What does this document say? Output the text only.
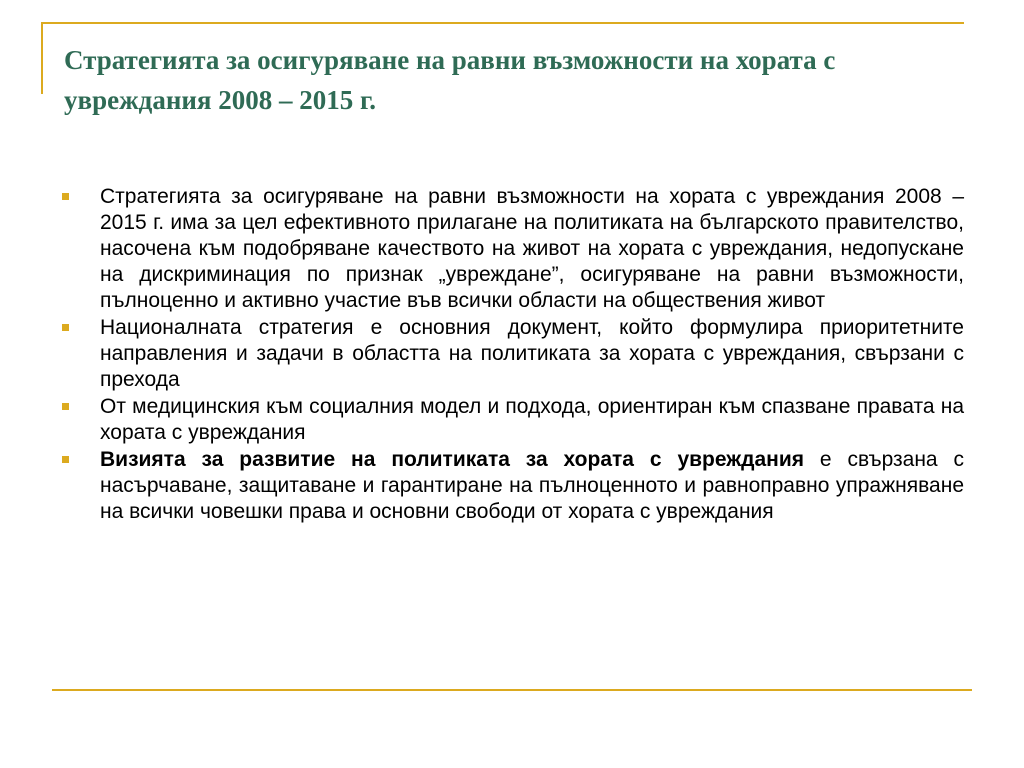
Стратегията за осигуряване на равни възможности на хората с увреждания 2008 – 2015 г.
Стратегията за осигуряване на равни възможности на хората с увреждания 2008 – 2015 г. има за цел ефективното прилагане на политиката на българското правителство, насочена към подобряване качеството на живот на хората с увреждания, недопускане на дискриминация по признак „увреждане”, осигуряване на равни възможности, пълноценно и активно участие във всички области на обществения живот
Националната стратегия е основния документ, който формулира приоритетните направления и задачи в областта на политиката за хората с увреждания, свързани с прехода
От медицинския към социалния модел и подхода, ориентиран към спазване правата на хората с увреждания
Визията за развитие на политиката за хората с увреждания е свързана с насърчаване, защитаване и гарантиране на пълноценното и равноправно упражняване на всички човешки права и основни свободи от хората с увреждания
